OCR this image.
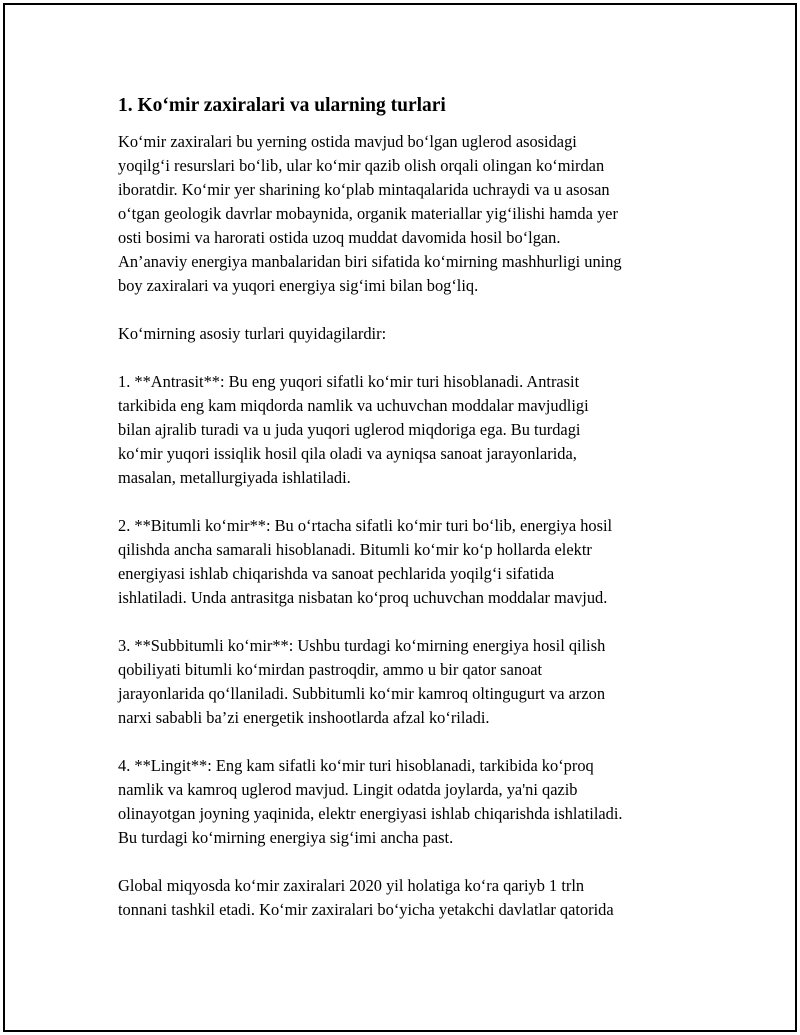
1. Ko‘mir zaxiralari va ularning turlari
Ko‘mir zaxiralari bu yerning ostida mavjud bo‘lgan uglerod asosidagi
yoqilg‘i resurslari bo‘lib, ular ko‘mir qazib olish orqali olingan ko‘mirdan
iboratdir. Ko‘mir yer sharining ko‘plab mintaqalarida uchraydi va u asosan
o‘tgan geologik davrlar mobaynida, organik materiallar yig‘ilishi hamda yer
osti bosimi va harorati ostida uzoq muddat davomida hosil bo‘lgan.
An’anaviy energiya manbalaridan biri sifatida ko‘mirning mashhurligi uning
boy zaxiralari va yuqori energiya sig‘imi bilan bog‘liq.
Ko‘mirning asosiy turlari quyidagilardir:
1. **Antrasit**: Bu eng yuqori sifatli ko‘mir turi hisoblanadi. Antrasit
tarkibida eng kam miqdorda namlik va uchuvchan moddalar mavjudligi
bilan ajralib turadi va u juda yuqori uglerod miqdoriga ega. Bu turdagi
ko‘mir yuqori issiqlik hosil qila oladi va ayniqsa sanoat jarayonlarida,
masalan, metallurgiyada ishlatiladi.
2. **Bitumli ko‘mir**: Bu o‘rtacha sifatli ko‘mir turi bo‘lib, energiya hosil
qilishda ancha samarali hisoblanadi. Bitumli ko‘mir ko‘p hollarda elektr
energiyasi ishlab chiqarishda va sanoat pechlarida yoqilg‘i sifatida
ishlatiladi. Unda antrasitga nisbatan ko‘proq uchuvchan moddalar mavjud.
3. **Subbitumli ko‘mir**: Ushbu turdagi ko‘mirning energiya hosil qilish
qobiliyati bitumli ko‘mirdan pastroqdir, ammo u bir qator sanoat
jarayonlarida qo‘llaniladi. Subbitumli ko‘mir kamroq oltingugurt va arzon
narxi sababli ba’zi energetik inshootlarda afzal ko‘riladi.
4. **Lingit**: Eng kam sifatli ko‘mir turi hisoblanadi, tarkibida ko‘proq
namlik va kamroq uglerod mavjud. Lingit odatda joylarda, ya'ni qazib
olinayotgan joyning yaqinida, elektr energiyasi ishlab chiqarishda ishlatiladi.
Bu turdagi ko‘mirning energiya sig‘imi ancha past.
Global miqyosda ko‘mir zaxiralari 2020 yil holatiga ko‘ra qariyb 1 trln
tonnani tashkil etadi. Ko‘mir zaxiralari bo‘yicha yetakchi davlatlar qatorida
